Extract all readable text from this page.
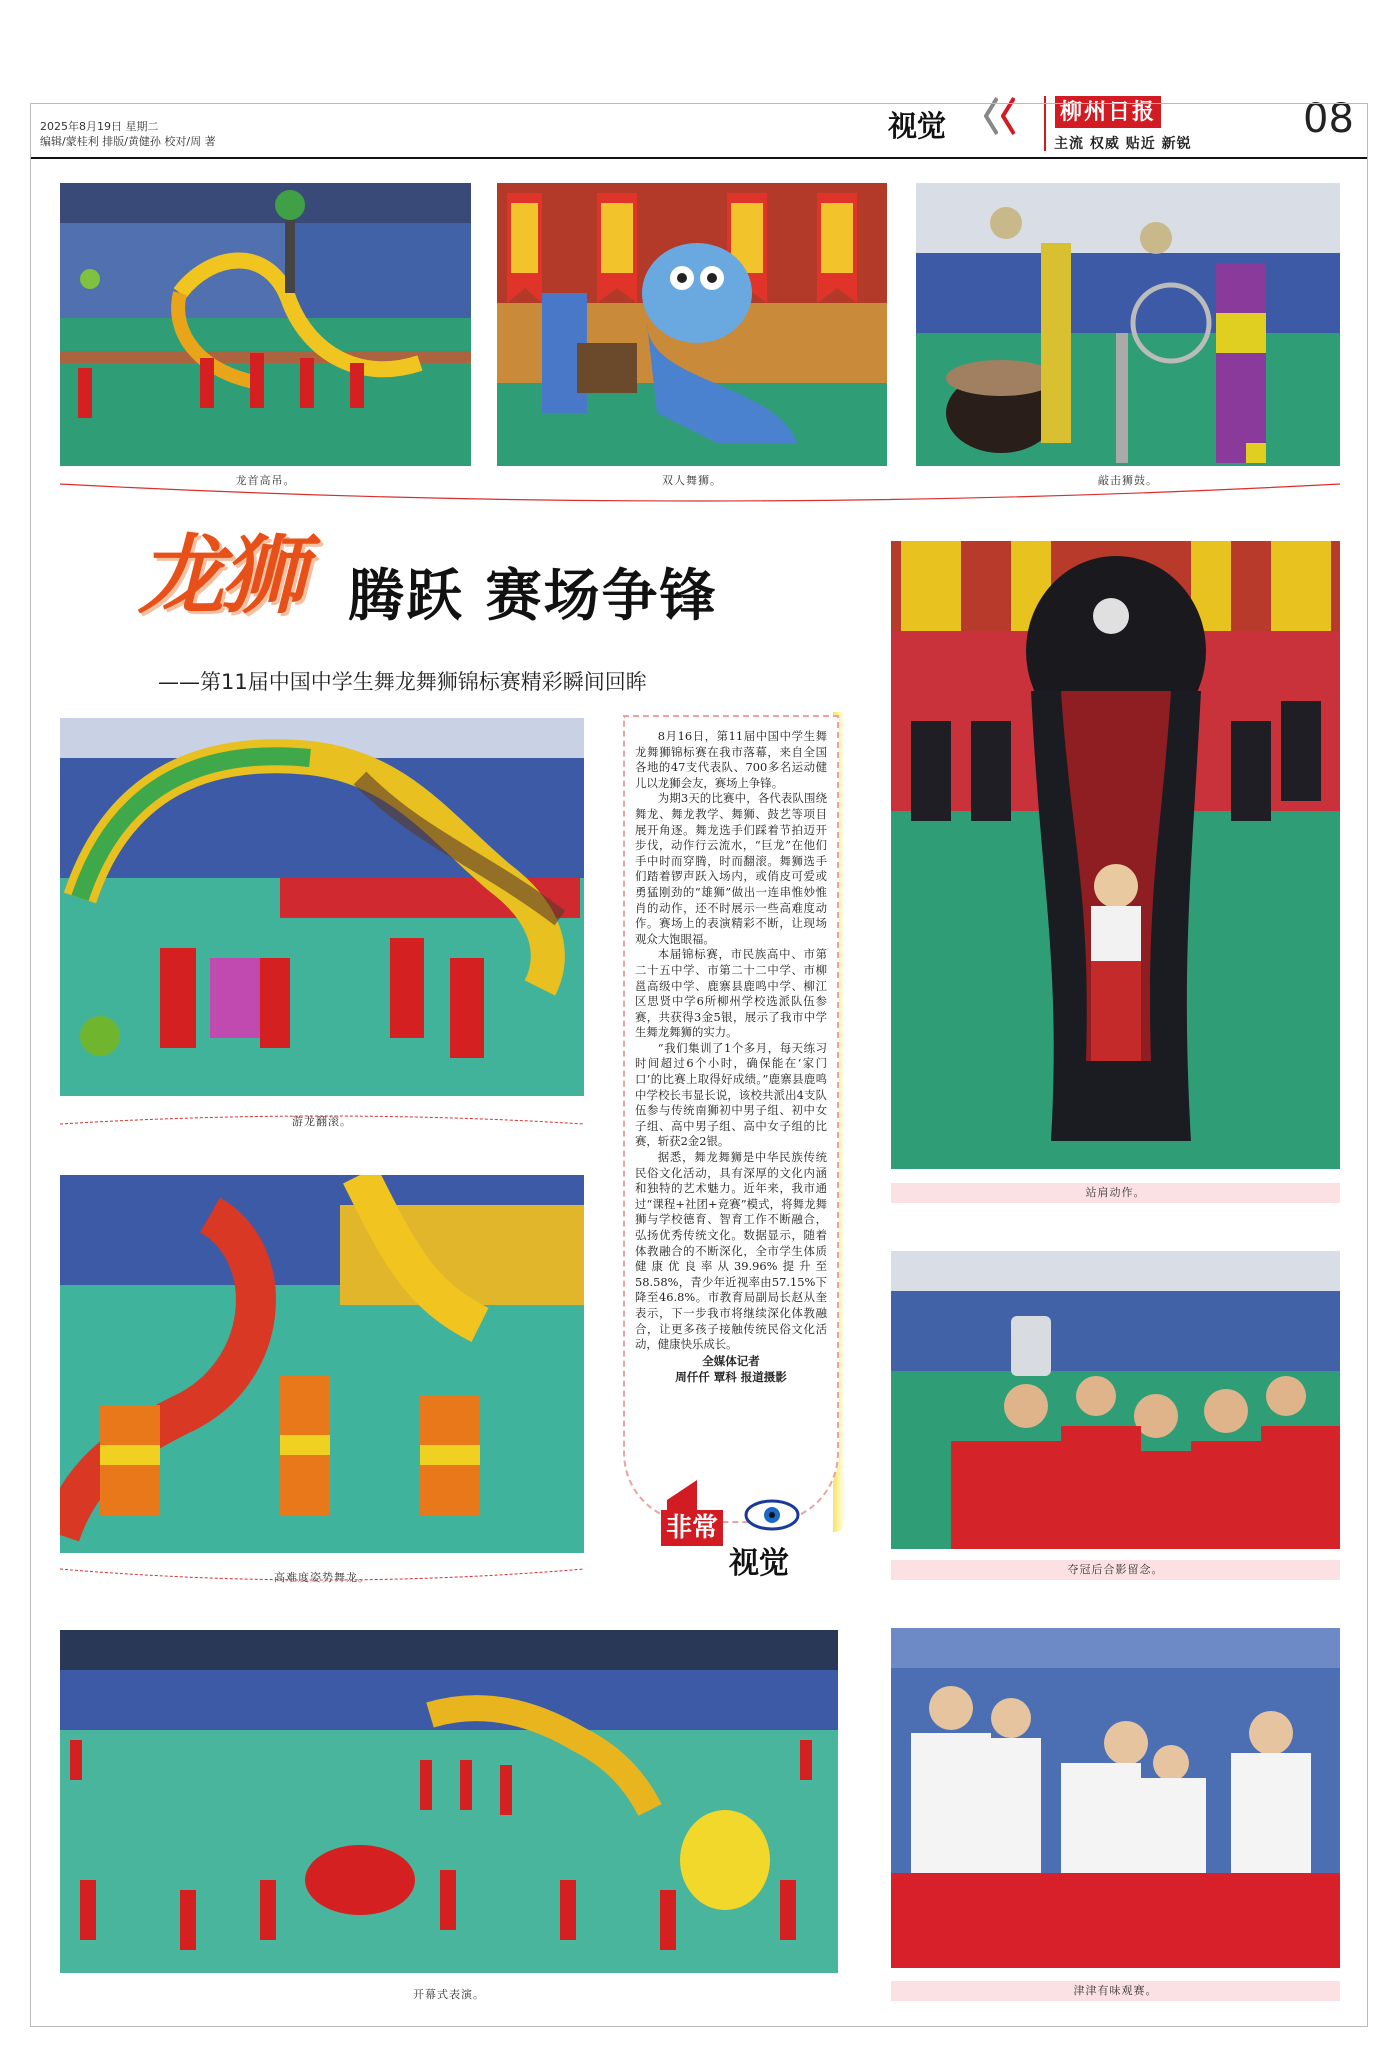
2025年8月19日 星期二
编辑/蒙桂利 排版/黄健孙 校对/周 著	视觉	柳州日报
主流 权威 贴近 新锐
08
龙首高吊。	双人舞狮。	敲击狮鼓。
龙狮 腾跃 赛场争锋
——第11届中国中学生舞龙舞狮锦标赛精彩瞬间回眸
游龙翻滚。
高难度姿势舞龙。

8月16日，第11届中国中学生舞龙舞狮锦标赛在我市落幕，来自全国各地的47支代表队、700多名运动健儿以龙狮会友，赛场上争锋。

为期3天的比赛中，各代表队围绕舞龙、舞龙教学、舞狮、鼓艺等项目展开角逐。舞龙选手们踩着节拍迈开步伐，动作行云流水，“巨龙”在他们手中时而穿腾，时而翻滚。舞狮选手们踏着锣声跃入场内，或俏皮可爱或勇猛刚劲的“雄狮”做出一连串惟妙惟肖的动作，还不时展示一些高难度动作。赛场上的表演精彩不断，让现场观众大饱眼福。

本届锦标赛，市民族高中、市第二十五中学、市第二十二中学、市柳邕高级中学、鹿寨县鹿鸣中学、柳江区思贤中学6所柳州学校选派队伍参赛，共获得3金5银，展示了我市中学生舞龙舞狮的实力。

“我们集训了1个多月，每天练习时间超过6个小时，确保能在‘家门口’的比赛上取得好成绩。”鹿寨县鹿鸣中学校长韦显长说，该校共派出4支队伍参与传统南狮初中男子组、初中女子组、高中男子组、高中女子组的比赛，斩获2金2银。

据悉，舞龙舞狮是中华民族传统民俗文化活动，具有深厚的文化内涵和独特的艺术魅力。近年来，我市通过“课程+社团+竞赛”模式，将舞龙舞狮与学校德育、智育工作不断融合，弘扬优秀传统文化。数据显示，随着体教融合的不断深化，全市学生体质健康优良率从39.96%提升至58.58%，青少年近视率由57.15%下降至46.8%。市教育局副局长赵从奎表示，下一步我市将继续深化体教融合，让更多孩子接触传统民俗文化活动，健康快乐成长。

全媒体记者
周仟仟 覃科 报道摄影
非常
视觉
站肩动作。
夺冠后合影留念。
津津有味观赛。
开幕式表演。
